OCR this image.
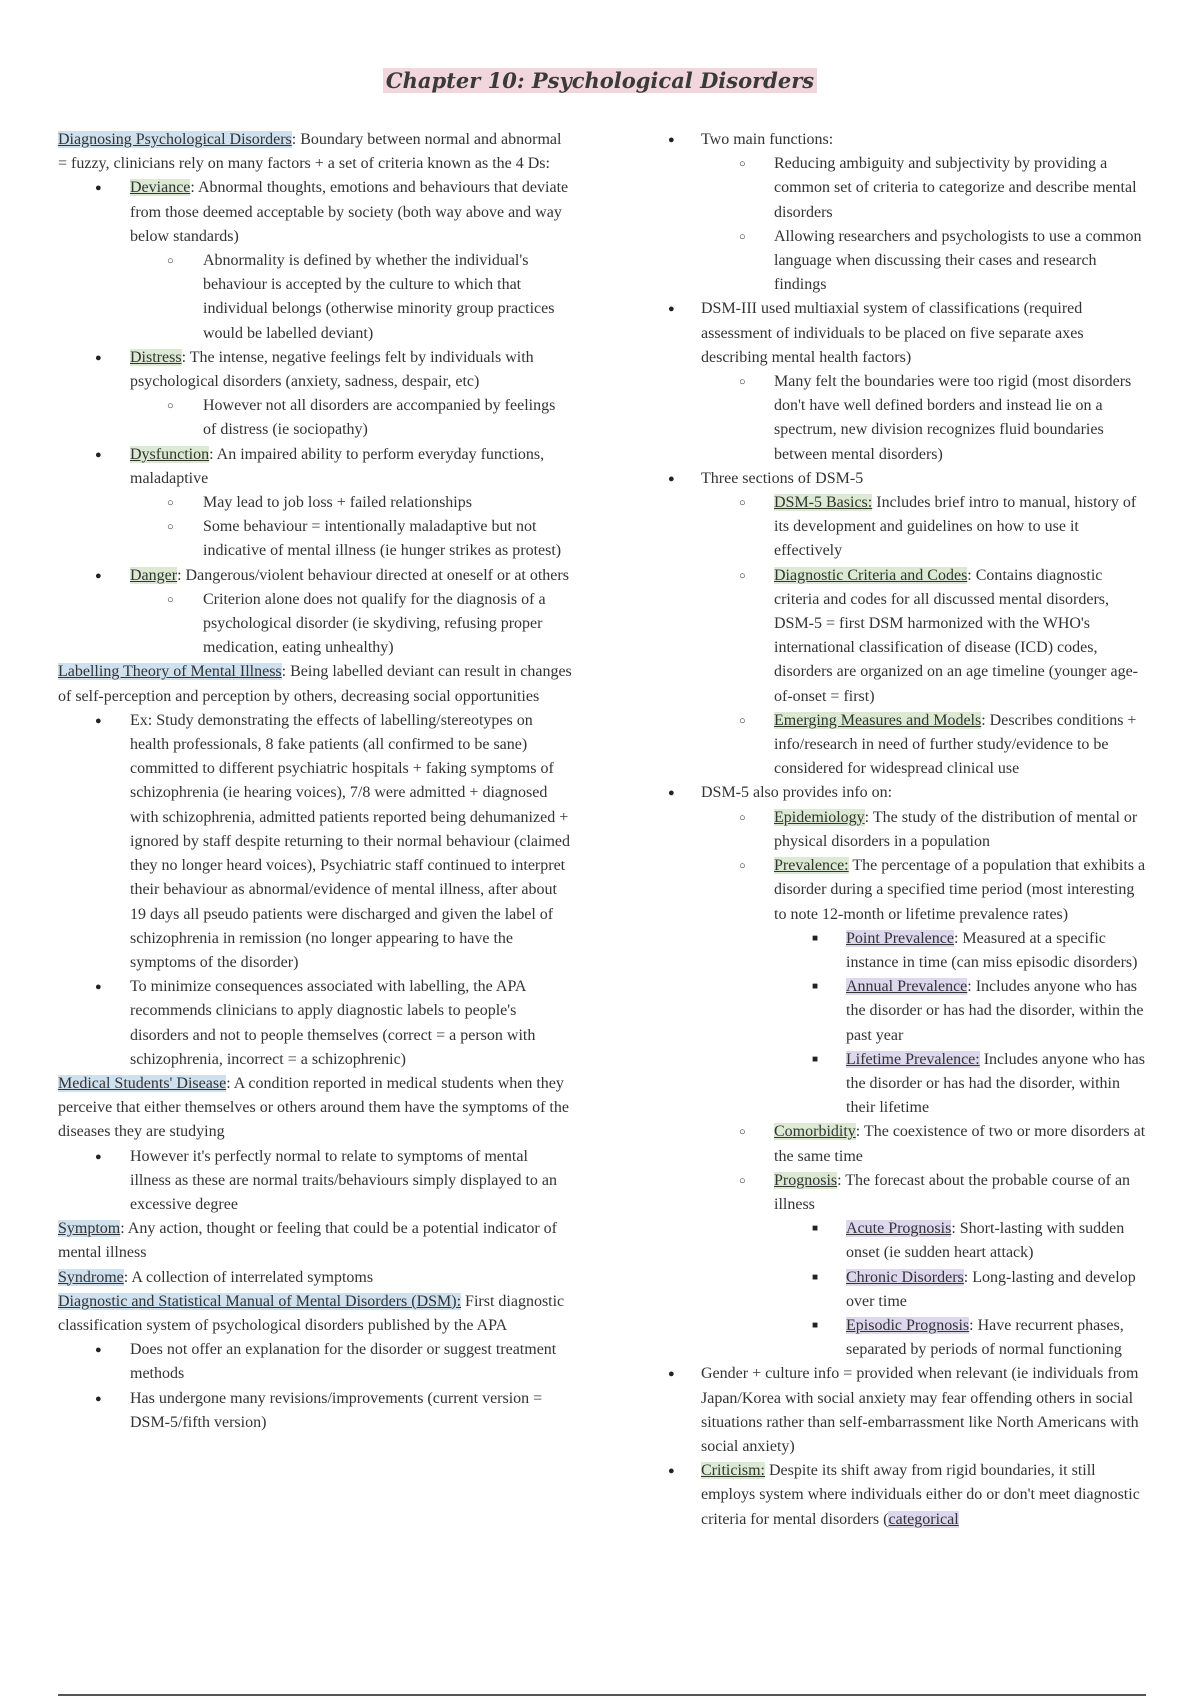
Chapter 10: Psychological Disorders

Diagnosing Psychological Disorders: Boundary between normal and abnormal = fuzzy, clinicians rely on many factors + a set of criteria known as the 4 Ds:

● Deviance: Abnormal thoughts, emotions and behaviours that deviate from those deemed acceptable by society (both way above and way below standards)

○ Abnormality is defined by whether the individual's behaviour is accepted by the culture to which that individual belongs (otherwise minority group practices would be labelled deviant)

● Distress: The intense, negative feelings felt by individuals with psychological disorders (anxiety, sadness, despair, etc)

○ However not all disorders are accompanied by feelings of distress (ie sociopathy)

● Dysfunction: An impaired ability to perform everyday functions, maladaptive

○ May lead to job loss + failed relationships

○ Some behaviour = intentionally maladaptive but not indicative of mental illness (ie hunger strikes as protest)

● Danger: Dangerous/violent behaviour directed at oneself or at others

○ Criterion alone does not qualify for the diagnosis of a psychological disorder (ie skydiving, refusing proper medication, eating unhealthy)

Labelling Theory of Mental Illness: Being labelled deviant can result in changes of self-perception and perception by others, decreasing social opportunities

● Ex: Study demonstrating the effects of labelling/stereotypes on health professionals, 8 fake patients (all confirmed to be sane) committed to different psychiatric hospitals + faking symptoms of schizophrenia (ie hearing voices), 7/8 were admitted + diagnosed with schizophrenia, admitted patients reported being dehumanized + ignored by staff despite returning to their normal behaviour (claimed they no longer heard voices), Psychiatric staff continued to interpret their behaviour as abnormal/evidence of mental illness, after about 19 days all pseudo patients were discharged and given the label of schizophrenia in remission (no longer appearing to have the symptoms of the disorder)

● To minimize consequences associated with labelling, the APA recommends clinicians to apply diagnostic labels to people's disorders and not to people themselves (correct = a person with schizophrenia, incorrect = a schizophrenic)

Medical Students' Disease: A condition reported in medical students when they perceive that either themselves or others around them have the symptoms of the diseases they are studying

● However it's perfectly normal to relate to symptoms of mental illness as these are normal traits/behaviours simply displayed to an excessive degree

Symptom: Any action, thought or feeling that could be a potential indicator of mental illness

Syndrome: A collection of interrelated symptoms

Diagnostic and Statistical Manual of Mental Disorders (DSM): First diagnostic classification system of psychological disorders published by the APA

● Does not offer an explanation for the disorder or suggest treatment methods

● Has undergone many revisions/improvements (current version = DSM-5/fifth version)

● Two main functions:

○ Reducing ambiguity and subjectivity by providing a common set of criteria to categorize and describe mental disorders

○ Allowing researchers and psychologists to use a common language when discussing their cases and research findings

● DSM-III used multiaxial system of classifications (required assessment of individuals to be placed on five separate axes describing mental health factors)

○ Many felt the boundaries were too rigid (most disorders don't have well defined borders and instead lie on a spectrum, new division recognizes fluid boundaries between mental disorders)

● Three sections of DSM-5

○ DSM-5 Basics: Includes brief intro to manual, history of its development and guidelines on how to use it effectively

○ Diagnostic Criteria and Codes: Contains diagnostic criteria and codes for all discussed mental disorders, DSM-5 = first DSM harmonized with the WHO's international classification of disease (ICD) codes, disorders are organized on an age timeline (younger age-of-onset = first)

○ Emerging Measures and Models: Describes conditions + info/research in need of further study/evidence to be considered for widespread clinical use

● DSM-5 also provides info on:

○ Epidemiology: The study of the distribution of mental or physical disorders in a population

○ Prevalence: The percentage of a population that exhibits a disorder during a specified time period (most interesting to note 12-month or lifetime prevalence rates)

■ Point Prevalence: Measured at a specific instance in time (can miss episodic disorders)

■ Annual Prevalence: Includes anyone who has the disorder or has had the disorder, within the past year

■ Lifetime Prevalence: Includes anyone who has the disorder or has had the disorder, within their lifetime

○ Comorbidity: The coexistence of two or more disorders at the same time

○ Prognosis: The forecast about the probable course of an illness

■ Acute Prognosis: Short-lasting with sudden onset (ie sudden heart attack)

■ Chronic Disorders: Long-lasting and develop over time

■ Episodic Prognosis: Have recurrent phases, separated by periods of normal functioning

● Gender + culture info = provided when relevant (ie individuals from Japan/Korea with social anxiety may fear offending others in social situations rather than self-embarrassment like North Americans with social anxiety)

● Criticism: Despite its shift away from rigid boundaries, it still employs system where individuals either do or don't meet diagnostic criteria for mental disorders (categorical
